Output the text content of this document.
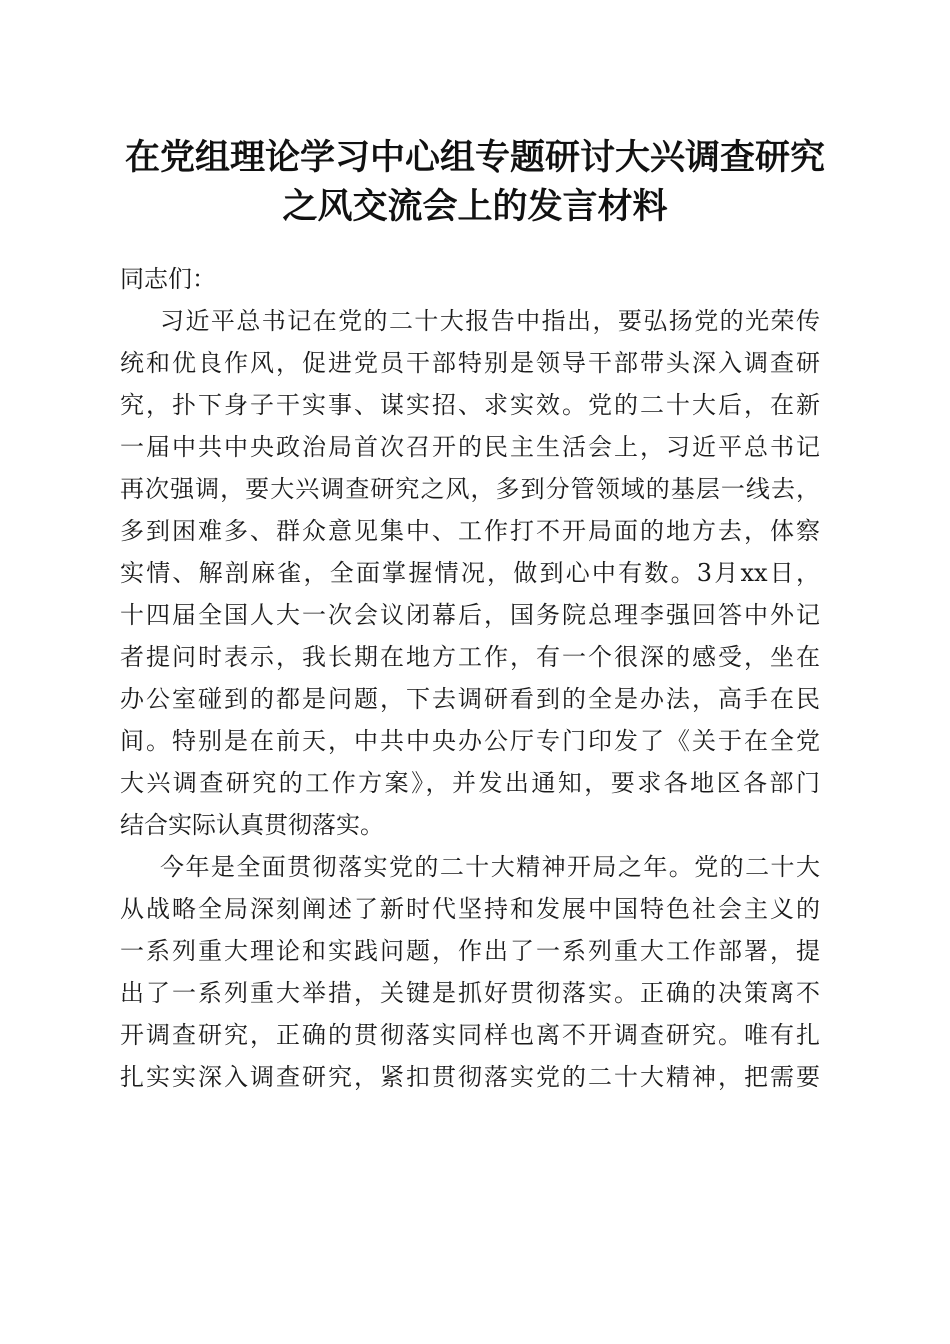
在党组理论学习中心组专题研讨大兴调查研究
之风交流会上的发言材料
同志们：
习近平总书记在党的二十大报告中指出，要弘扬党的光荣传
统和优良作风，促进党员干部特别是领导干部带头深入调查研
究，扑下身子干实事、谋实招、求实效。党的二十大后，在新
一届中共中央政治局首次召开的民主生活会上，习近平总书记
再次强调，要大兴调查研究之风，多到分管领域的基层一线去，
多到困难多、群众意见集中、工作打不开局面的地方去，体察
实情、解剖麻雀，全面掌握情况，做到心中有数。3月xx日，
十四届全国人大一次会议闭幕后，国务院总理李强回答中外记
者提问时表示，我长期在地方工作，有一个很深的感受，坐在
办公室碰到的都是问题，下去调研看到的全是办法，高手在民
间。特别是在前天，中共中央办公厅专门印发了《关于在全党
大兴调查研究的工作方案》，并发出通知，要求各地区各部门
结合实际认真贯彻落实。
今年是全面贯彻落实党的二十大精神开局之年。党的二十大
从战略全局深刻阐述了新时代坚持和发展中国特色社会主义的
一系列重大理论和实践问题，作出了一系列重大工作部署，提
出了一系列重大举措，关键是抓好贯彻落实。正确的决策离不
开调查研究，正确的贯彻落实同样也离不开调查研究。唯有扎
扎实实深入调查研究，紧扣贯彻落实党的二十大精神，把需要
